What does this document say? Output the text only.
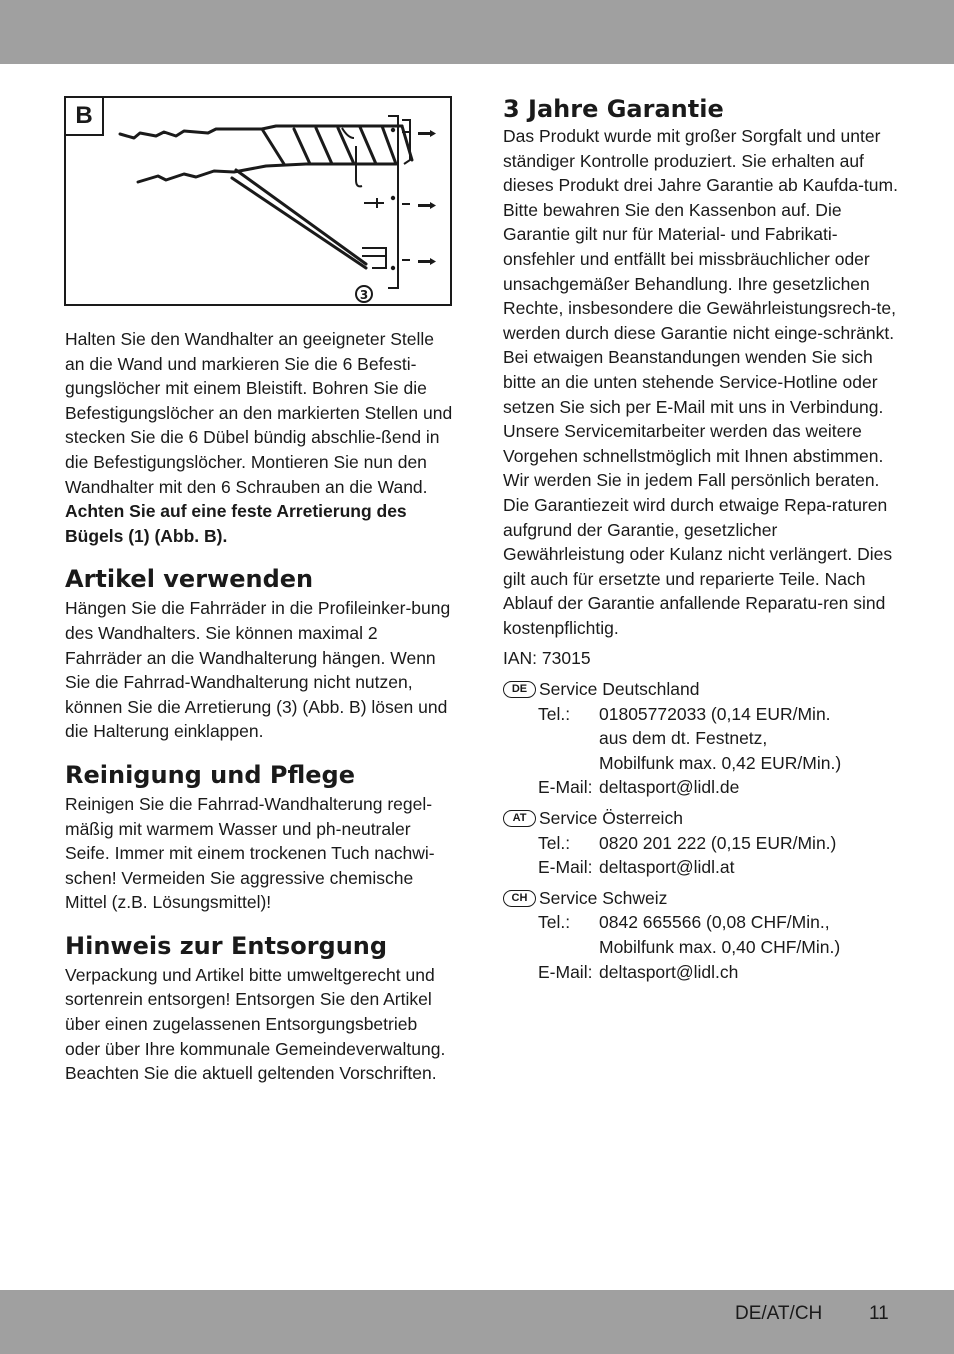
3
B

Halten Sie den Wandhalter an geeigneter Stelle an die Wand und markieren Sie die 6 Befesti-gungslöcher mit einem Bleistift. Bohren Sie die Befestigungslöcher an den markierten Stellen und stecken Sie die 6 Dübel bündig abschlie-ßend in die Befestigungslöcher. Montieren Sie nun den Wandhalter mit den 6 Schrauben an die Wand. Achten Sie auf eine feste Arretierung des Bügels (1) (Abb. B).

Artikel verwenden

Hängen Sie die Fahrräder in die Profileinker-bung des Wandhalters. Sie können maximal 2 Fahrräder an die Wandhalterung hängen. Wenn Sie die Fahrrad-Wandhalterung nicht nutzen, können Sie die Arretierung (3) (Abb. B) lösen und die Halterung einklappen.

Reinigung und Pflege

Reinigen Sie die Fahrrad-Wandhalterung regel-mäßig mit warmem Wasser und ph-neutraler Seife. Immer mit einem trockenen Tuch nachwi-schen! Vermeiden Sie aggressive chemische Mittel (z.B. Lösungsmittel)!

Hinweis zur Entsorgung

Verpackung und Artikel bitte umweltgerecht und sortenrein entsorgen! Entsorgen Sie den Artikel über einen zugelassenen Entsorgungsbetrieb oder über Ihre kommunale Gemeindeverwaltung. Beachten Sie die aktuell geltenden Vorschriften.

3 Jahre Garantie

Das Produkt wurde mit großer Sorgfalt und unter ständiger Kontrolle produziert. Sie erhalten auf dieses Produkt drei Jahre Garantie ab Kaufda-tum. Bitte bewahren Sie den Kassenbon auf. Die Garantie gilt nur für Material- und Fabrikati-onsfehler und entfällt bei missbräuchlicher oder unsachgemäßer Behandlung. Ihre gesetzlichen Rechte, insbesondere die Gewährleistungsrech-te, werden durch diese Garantie nicht einge-schränkt. Bei etwaigen Beanstandungen wenden Sie sich bitte an die unten stehende Service-Hotline oder setzen Sie sich per E-Mail mit uns in Verbindung. Unsere Servicemitarbeiter werden das weitere Vorgehen schnellstmöglich mit Ihnen abstimmen. Wir werden Sie in jedem Fall persönlich beraten. Die Garantiezeit wird durch etwaige Repa-raturen aufgrund der Garantie, gesetzlicher Gewährleistung oder Kulanz nicht verlängert. Dies gilt auch für ersetzte und reparierte Teile. Nach Ablauf der Garantie anfallende Reparatu-ren sind kostenpflichtig.

IAN: 73015
DE Service Deutschland
Tel.:	01805772033 (0,14 EUR/Min.
aus dem dt. Festnetz,
Mobilfunk max. 0,42 EUR/Min.)
E-Mail: deltasport@lidl.de
AT Service Österreich
Tel.:	0820 201 222 (0,15 EUR/Min.)
E-Mail: deltasport@lidl.at
CH Service Schweiz
Tel.:	0842 665566 (0,08 CHF/Min.,
Mobilfunk max. 0,40 CHF/Min.)
E-Mail: deltasport@lidl.ch
DE/AT/CH 11
